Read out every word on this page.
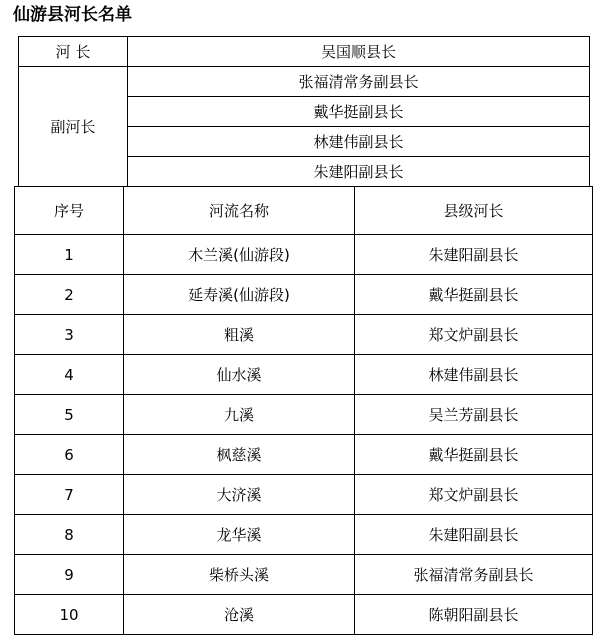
仙游县河长名单
河 长	吴国顺县长
副河长	张福清常务副县长
	戴华挺副县长
	林建伟副县长
	朱建阳副县长
序号	河流名称	县级河长
1	木兰溪(仙游段)	朱建阳副县长
2	延寿溪(仙游段)	戴华挺副县长
3	粗溪	郑文炉副县长
4	仙水溪	林建伟副县长
5	九溪	吴兰芳副县长
6	枫慈溪	戴华挺副县长
7	大济溪	郑文炉副县长
8	龙华溪	朱建阳副县长
9	柴桥头溪	张福清常务副县长
10	沧溪	陈朝阳副县长
